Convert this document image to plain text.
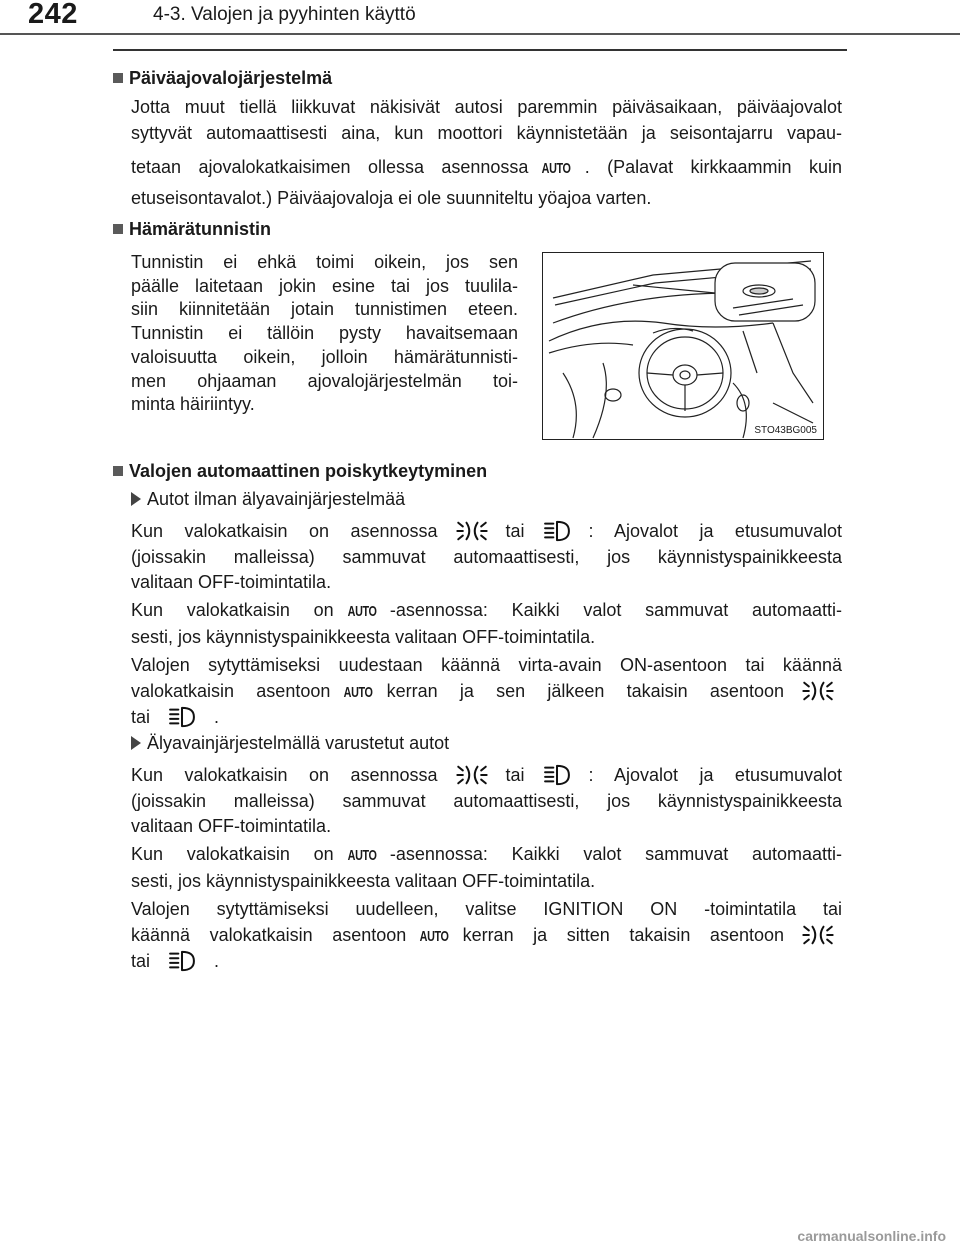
242	4-3. Valojen ja pyyhinten käyttö
Päiväajovalojärjestelmä
Jotta muut tiellä liikkuvat näkisivät autosi paremmin päiväsaikaan, päiväajovalot
syttyvät automaattisesti aina, kun moottori käynnistetään ja seisontajarru vapau-
tetaan ajovalokatkaisimen ollessa asennossa AUTO . (Palavat kirkkaammin kuin
etuseisontavalot.) Päiväajovaloja ei ole suunniteltu yöajoa varten.
Hämärätunnistin
Tunnistin ei ehkä toimi oikein, jos sen
päälle laitetaan jokin esine tai jos tuulila-
siin kiinnitetään jotain tunnistimen eteen.
Tunnistin ei tällöin pysty havaitsemaan
valoisuutta oikein, jolloin hämärätunnisti-
men ohjaaman ajovalojärjestelmän toi-
minta häiriintyy.
STO43BG005
Valojen automaattinen poiskytkeytyminen
Autot ilman älyavainjärjestelmää
Kun valokatkaisin on asennossa	tai	: Ajovalot ja etusumuvalot
(joissakin malleissa) sammuvat automaattisesti, jos käynnistyspainikkeesta
valitaan OFF-toimintatila.
Kun valokatkaisin on AUTO -asennossa: Kaikki valot sammuvat automaatti-
sesti, jos käynnistyspainikkeesta valitaan OFF-toimintatila.
Valojen sytyttämiseksi uudestaan käännä virta-avain ON-asentoon tai käännä
valokatkaisin asentoon AUTO kerran ja sen jälkeen takaisin asentoon
tai	.
Älyavainjärjestelmällä varustetut autot
Kun valokatkaisin on asennossa	tai	: Ajovalot ja etusumuvalot
(joissakin malleissa) sammuvat automaattisesti, jos käynnistyspainikkeesta
valitaan OFF-toimintatila.
Kun valokatkaisin on AUTO -asennossa: Kaikki valot sammuvat automaatti-
sesti, jos käynnistyspainikkeesta valitaan OFF-toimintatila.
Valojen sytyttämiseksi uudelleen, valitse IGNITION ON -toimintatila tai
käännä valokatkaisin asentoon AUTO kerran ja sitten takaisin asentoon
tai	.
carmanualsonline.info
